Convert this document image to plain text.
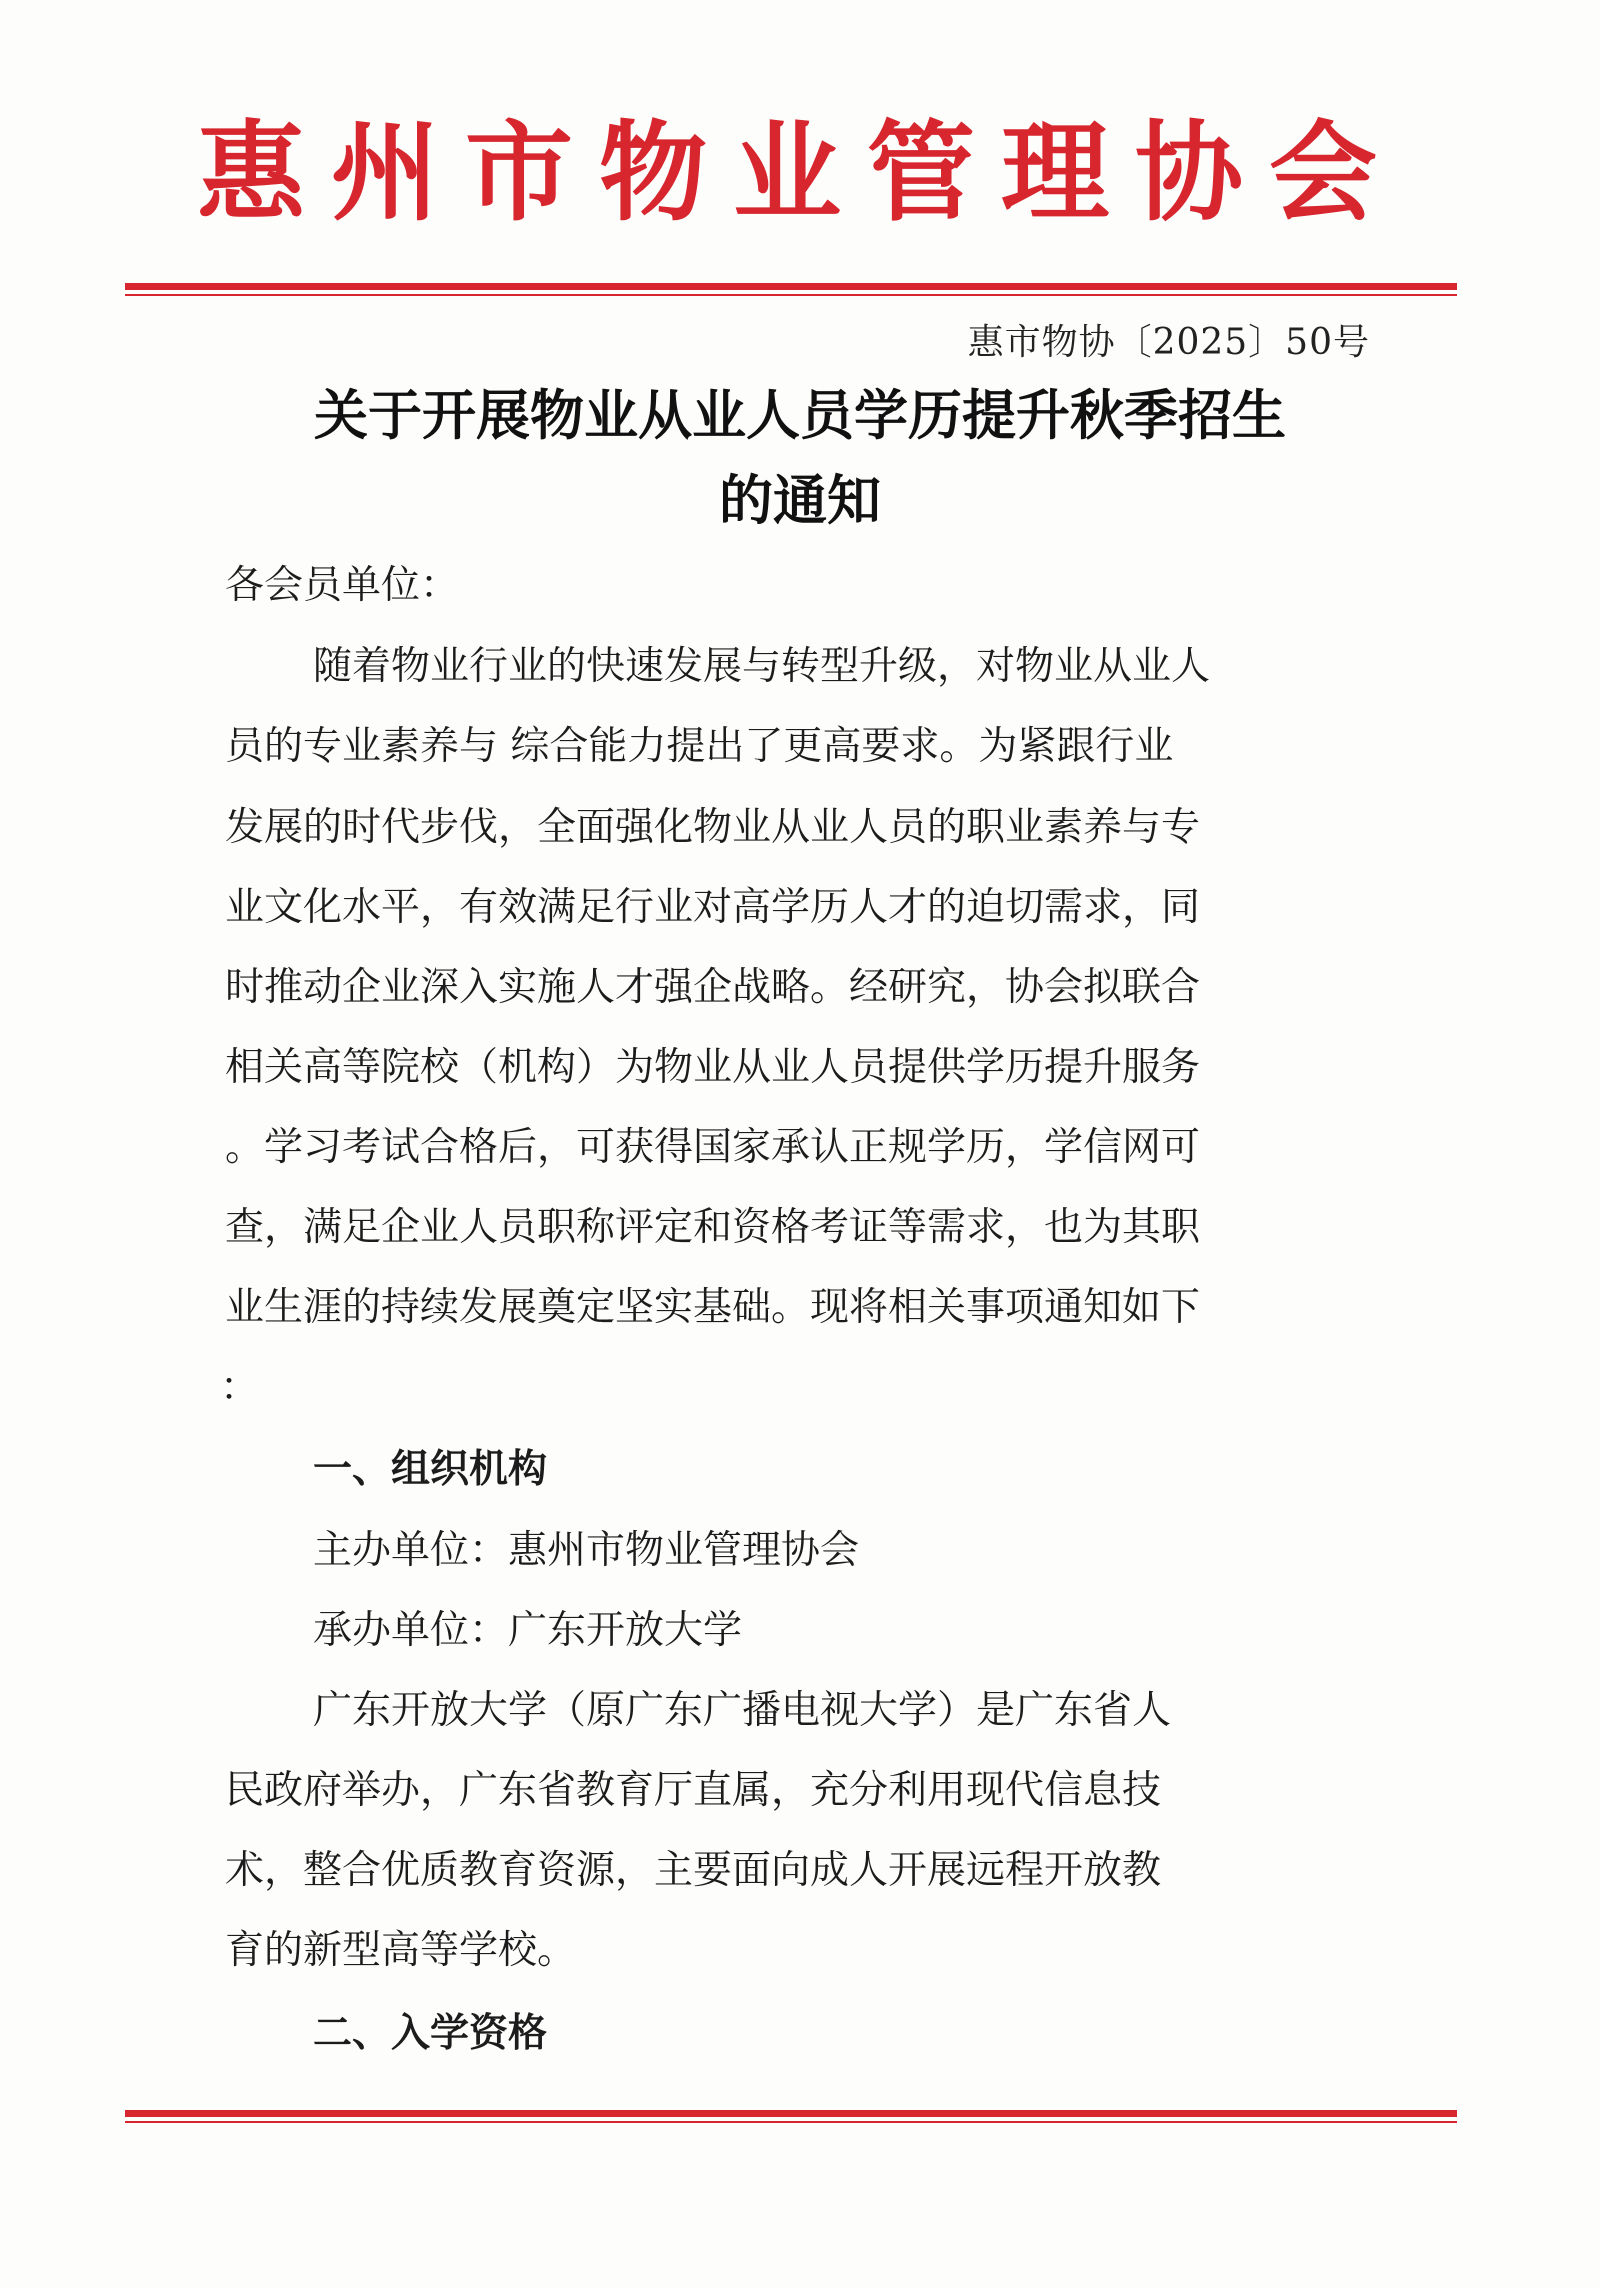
惠州市物业管理协会
惠市物协〔2025〕50号
关于开展物业从业人员学历提升秋季招生
的通知
各会员单位：
随着物业行业的快速发展与转型升级，对物业从业人
员的专业素养与 综合能力提出了更高要求。为紧跟行业
发展的时代步伐，全面强化物业从业人员的职业素养与专
业文化水平，有效满足行业对高学历人才的迫切需求，同
时推动企业深入实施人才强企战略。经研究，协会拟联合
相关高等院校（机构）为物业从业人员提供学历提升服务
。学习考试合格后，可获得国家承认正规学历，学信网可
查，满足企业人员职称评定和资格考证等需求，也为其职
业生涯的持续发展奠定坚实基础。现将相关事项通知如下
：
一、组织机构
主办单位：惠州市物业管理协会
承办单位：广东开放大学
广东开放大学（原广东广播电视大学）是广东省人
民政府举办，广东省教育厅直属，充分利用现代信息技
术，整合优质教育资源，主要面向成人开展远程开放教
育的新型高等学校。
二、入学资格
